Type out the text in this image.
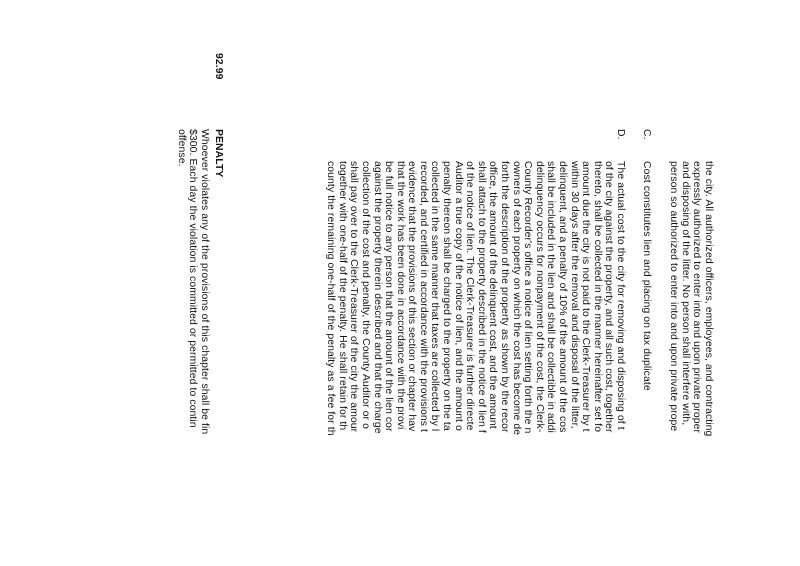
the city. All authorized officers, employees, and contracting
expressly authorized to enter into and upon private proper
and disposing of the litter. No person shall interfere with,
person so authorized to enter into and upon private prope
C.
Cost constitutes lien and placing on tax duplicate
D.
The actual cost to the city for removing and disposing of t
of the city against the property, and all such cost, together
thereto, shall be collected in the manner hereinafter set fo
amount due the city is not paid to the Clerk-Treasurer by t
within 30 days after the removal and disposal of the litter,
delinquent, and a penalty of 10% of the amount of the cos
shall be included in the lien and shall be collectible in addi
delinquency occurs for nonpayment of the cost, the Clerk-
County Recorder's office a notice of lien setting forth the n
owners of each property on which the cost has become de
forth the description of the property as shown by the recor
office, the amount of the delinquent cost, and the amount
shall attach to the property described in the notice of lien f
of the notice of lien. The Clerk-Treasurer is further directe
Auditor a true copy of the notice of lien, and the amount o
penalty thereon shall be charged to the property on the ta
collected in the same manner that taxes are collected by l
recorded, and certified in accordance with the provisions t
evidence that the provisions of this section or chapter hav
that the work has been done in accordance with the provi
be full notice to any person that the amount of the lien cor
against the property therein described and that the charge
collection of the cost and penalty, the County Auditor or o
shall pay over to the Clerk-Treasurer of the city the amour
together with one-half of the penalty. He shall retain for th
county the remaining one-half of the penalty as a fee for th
92.99
PENALTY
Whoever violates any of the provisions of this chapter shall be fin
$300. Each day the violation is committed or permitted to contin
offense.
